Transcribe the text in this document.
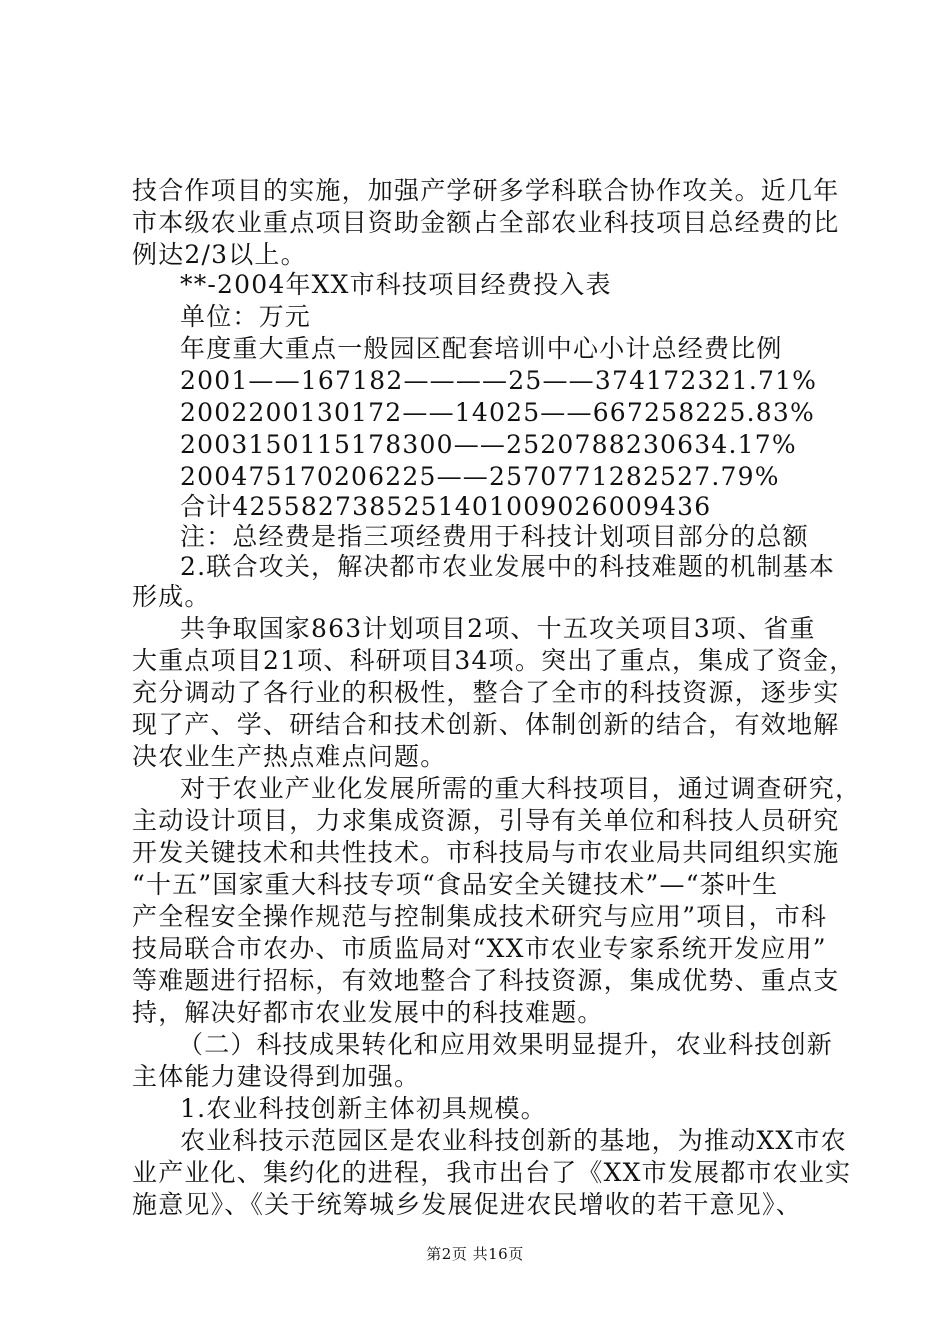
技合作项目的实施，加强产学研多学科联合协作攻关。近几年
市本级农业重点项目资助金额占全部农业科技项目总经费的比
例达2/3以上。
**-2004年XX市科技项目经费投入表
单位：万元
年度重大重点一般园区配套培训中心小计总经费比例
2001——167182————25——374172321.71%
2002200130172——14025——667258225.83%
2003150115178300——2520788230634.17%
200475170206225——2570771282527.79%
合计4255827385251401009026009436
注：总经费是指三项经费用于科技计划项目部分的总额
2.联合攻关，解决都市农业发展中的科技难题的机制基本
形成。
共争取国家863计划项目2项、十五攻关项目3项、省重
大重点项目21项、科研项目34项。突出了重点，集成了资金，
充分调动了各行业的积极性，整合了全市的科技资源，逐步实
现了产、学、研结合和技术创新、体制创新的结合，有效地解
决农业生产热点难点问题。
对于农业产业化发展所需的重大科技项目，通过调查研究，
主动设计项目，力求集成资源，引导有关单位和科技人员研究
开发关键技术和共性技术。市科技局与市农业局共同组织实施
“十五”国家重大科技专项“食品安全关键技术”—“茶叶生
产全程安全操作规范与控制集成技术研究与应用”项目，市科
技局联合市农办、市质监局对“XX市农业专家系统开发应用”
等难题进行招标，有效地整合了科技资源，集成优势、重点支
持，解决好都市农业发展中的科技难题。
（二）科技成果转化和应用效果明显提升，农业科技创新
主体能力建设得到加强。
1.农业科技创新主体初具规模。
农业科技示范园区是农业科技创新的基地，为推动XX市农
业产业化、集约化的进程，我市出台了《XX市发展都市农业实
施意见》、《关于统筹城乡发展促进农民增收的若干意见》、
第2页 共16页
